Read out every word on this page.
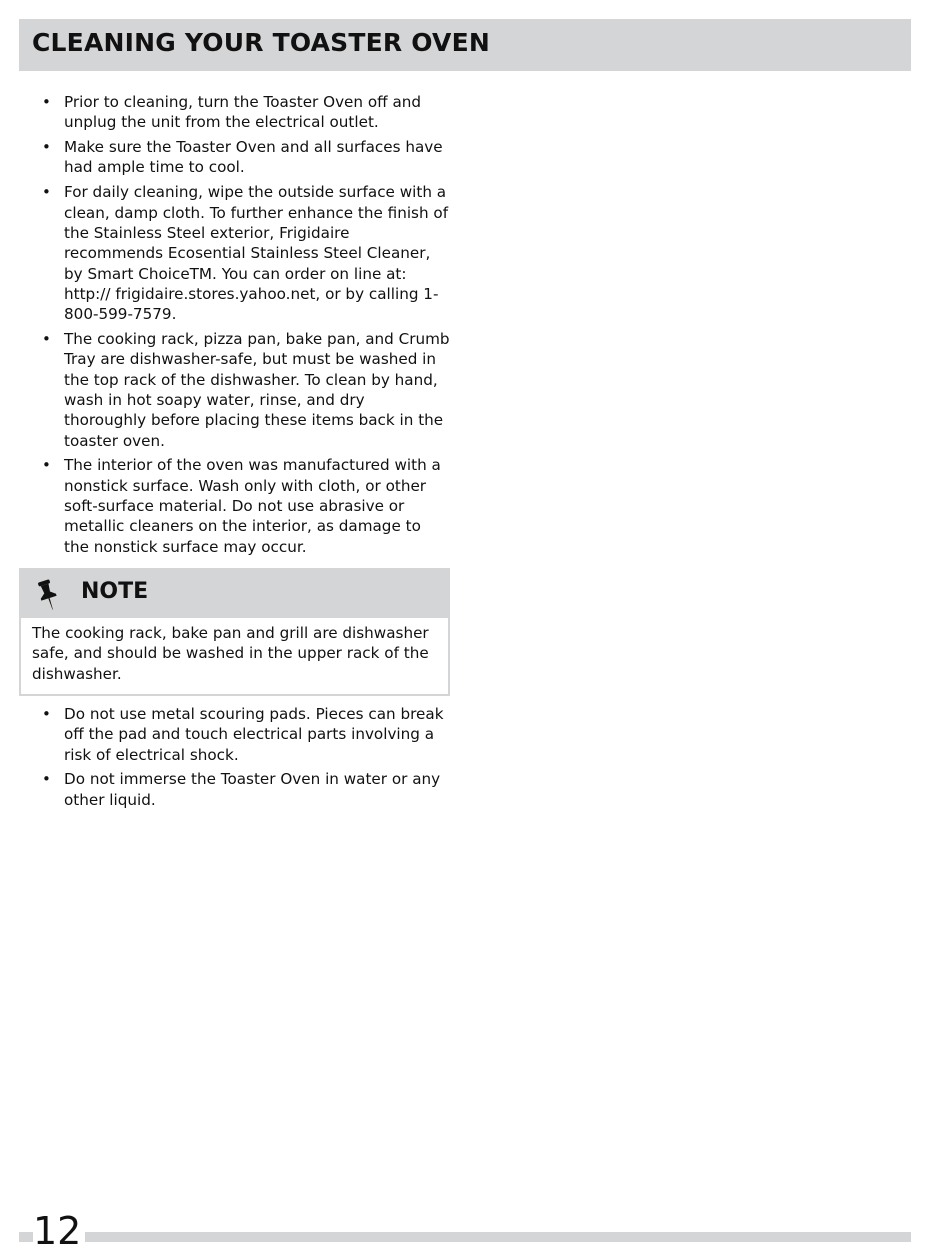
CLEANING YOUR TOASTER OVEN
• Prior to cleaning, turn the Toaster Oven off and unplug the unit from the electrical outlet.
• Make sure the Toaster Oven and all surfaces have had ample time to cool.
• For daily cleaning, wipe the outside surface with a clean, damp cloth. To further enhance the finish of the Stainless Steel exterior, Frigidaire recommends Ecosential Stainless Steel Cleaner, by Smart ChoiceTM. You can order on line at: http:// frigidaire.stores.yahoo.net, or by calling 1-800-599-7579.
• The cooking rack, pizza pan, bake pan, and Crumb Tray are dishwasher-safe, but must be washed in the top rack of the dishwasher. To clean by hand, wash in hot soapy water, rinse, and dry thoroughly before placing these items back in the toaster oven.
• The interior of the oven was manufactured with a nonstick surface. Wash only with cloth, or other soft-surface material. Do not use abrasive or metallic cleaners on the interior, as damage to the nonstick surface may occur.
NOTE
The cooking rack, bake pan and grill are dishwasher safe, and should be washed in the upper rack of the dishwasher.
• Do not use metal scouring pads. Pieces can break off the pad and touch electrical parts involving a risk of electrical shock.
• Do not immerse the Toaster Oven in water or any other liquid.
12
